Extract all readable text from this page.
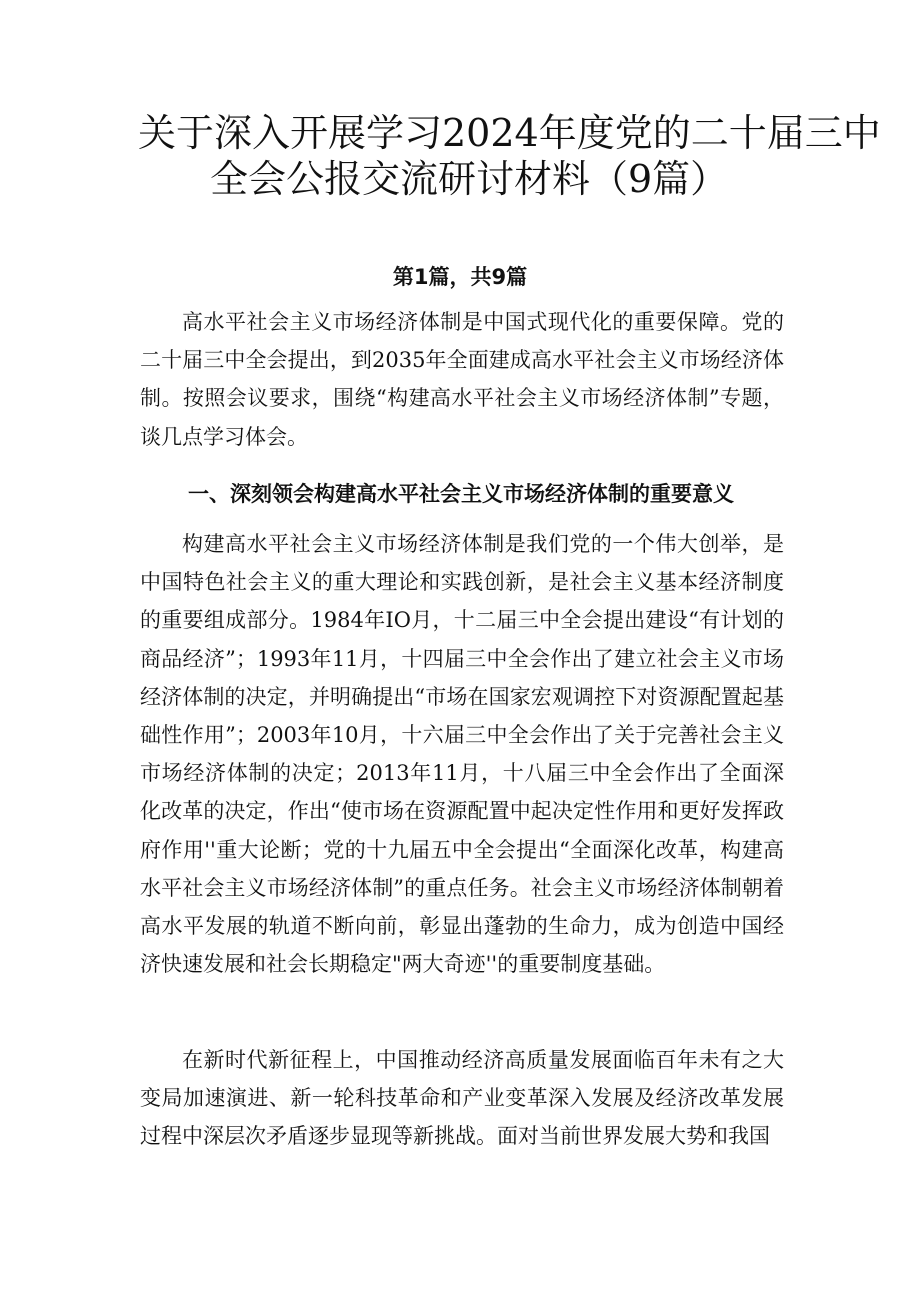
关于深入开展学习2024年度党的二十届三中
全会公报交流研讨材料（9篇）
第1篇，共9篇
高水平社会主义市场经济体制是中国式现代化的重要保障。党的二十届三中全会提出，到2035年全面建成高水平社会主义市场经济体制。按照会议要求，围绕“构建高水平社会主义市场经济体制”专题，谈几点学习体会。
一、深刻领会构建高水平社会主义市场经济体制的重要意义
构建高水平社会主义市场经济体制是我们党的一个伟大创举，是中国特色社会主义的重大理论和实践创新，是社会主义基本经济制度的重要组成部分。1984年IO月，十二届三中全会提出建设“有计划的商品经济”；1993年11月，十四届三中全会作出了建立社会主义市场经济体制的决定，并明确提出“市场在国家宏观调控下对资源配置起基础性作用”；2003年10月，十六届三中全会作出了关于完善社会主义市场经济体制的决定；2013年11月，十八届三中全会作出了全面深化改革的决定，作出“使市场在资源配置中起决定性作用和更好发挥政府作用''重大论断；党的十九届五中全会提出“全面深化改革，构建高水平社会主义市场经济体制”的重点任务。社会主义市场经济体制朝着高水平发展的轨道不断向前，彰显出蓬勃的生命力，成为创造中国经济快速发展和社会长期稳定"两大奇迹''的重要制度基础。
在新时代新征程上，中国推动经济高质量发展面临百年未有之大变局加速演进、新一轮科技革命和产业变革深入发展及经济改革发展过程中深层次矛盾逐步显现等新挑战。面对当前世界发展大势和我国
